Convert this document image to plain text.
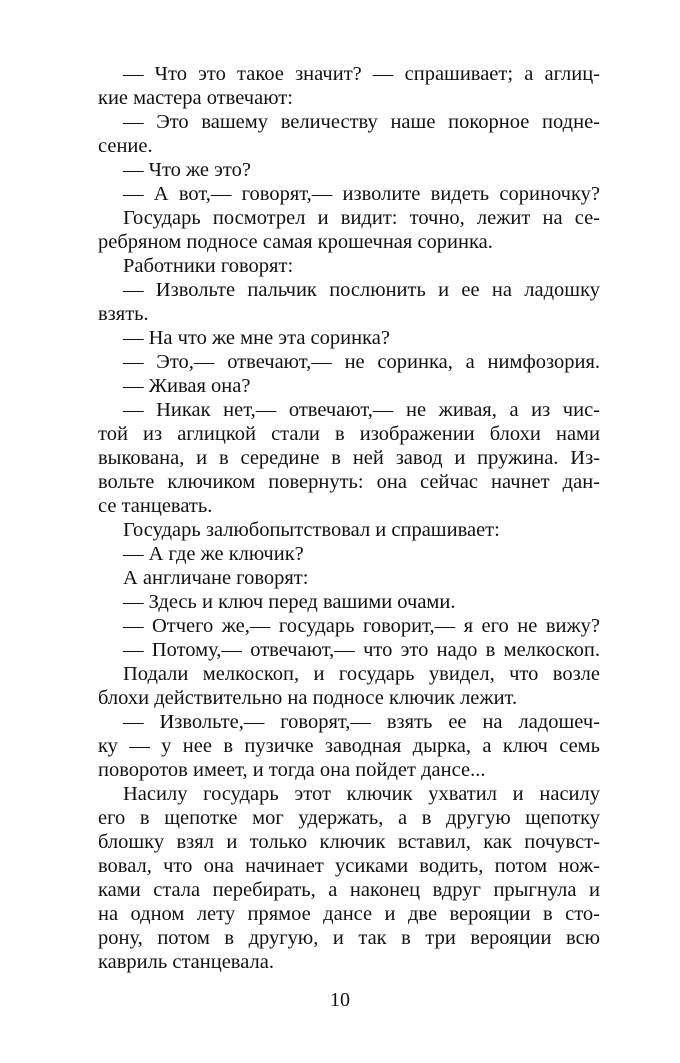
— Что это такое значит? — спрашивает; а аглиц-
кие мастера отвечают:
— Это вашему величеству наше покорное подне-
сение.
— Что же это?
— А вот,— говорят,— изволите видеть сориночку?
Государь посмотрел и видит: точно, лежит на се-
ребряном подносе самая крошечная соринка.
Работники говорят:
— Извольте пальчик послюнить и ее на ладошку
взять.
— На что же мне эта соринка?
— Это,— отвечают,— не соринка, а нимфозория.
— Живая она?
— Никак нет,— отвечают,— не живая, а из чис-
той из аглицкой стали в изображении блохи нами
выкована, и в середине в ней завод и пружина. Из-
вольте ключиком повернуть: она сейчас начнет дан-
се танцевать.
Государь залюбопытствовал и спрашивает:
— А где же ключик?
А англичане говорят:
— Здесь и ключ перед вашими очами.
— Отчего же,— государь говорит,— я его не вижу?
— Потому,— отвечают,— что это надо в мелкоскоп.
Подали мелкоскоп, и государь увидел, что возле
блохи действительно на подносе ключик лежит.
— Извольте,— говорят,— взять ее на ладошеч-
ку — у нее в пузичке заводная дырка, а ключ семь
поворотов имеет, и тогда она пойдет дансе...
Насилу государь этот ключик ухватил и насилу
его в щепотке мог удержать, а в другую щепотку
блошку взял и только ключик вставил, как почувст-
вовал, что она начинает усиками водить, потом нож-
ками стала перебирать, а наконец вдруг прыгнула и
на одном лету прямое дансе и две верояции в сто-
рону, потом в другую, и так в три верояции всю
кавриль станцевала.
10
